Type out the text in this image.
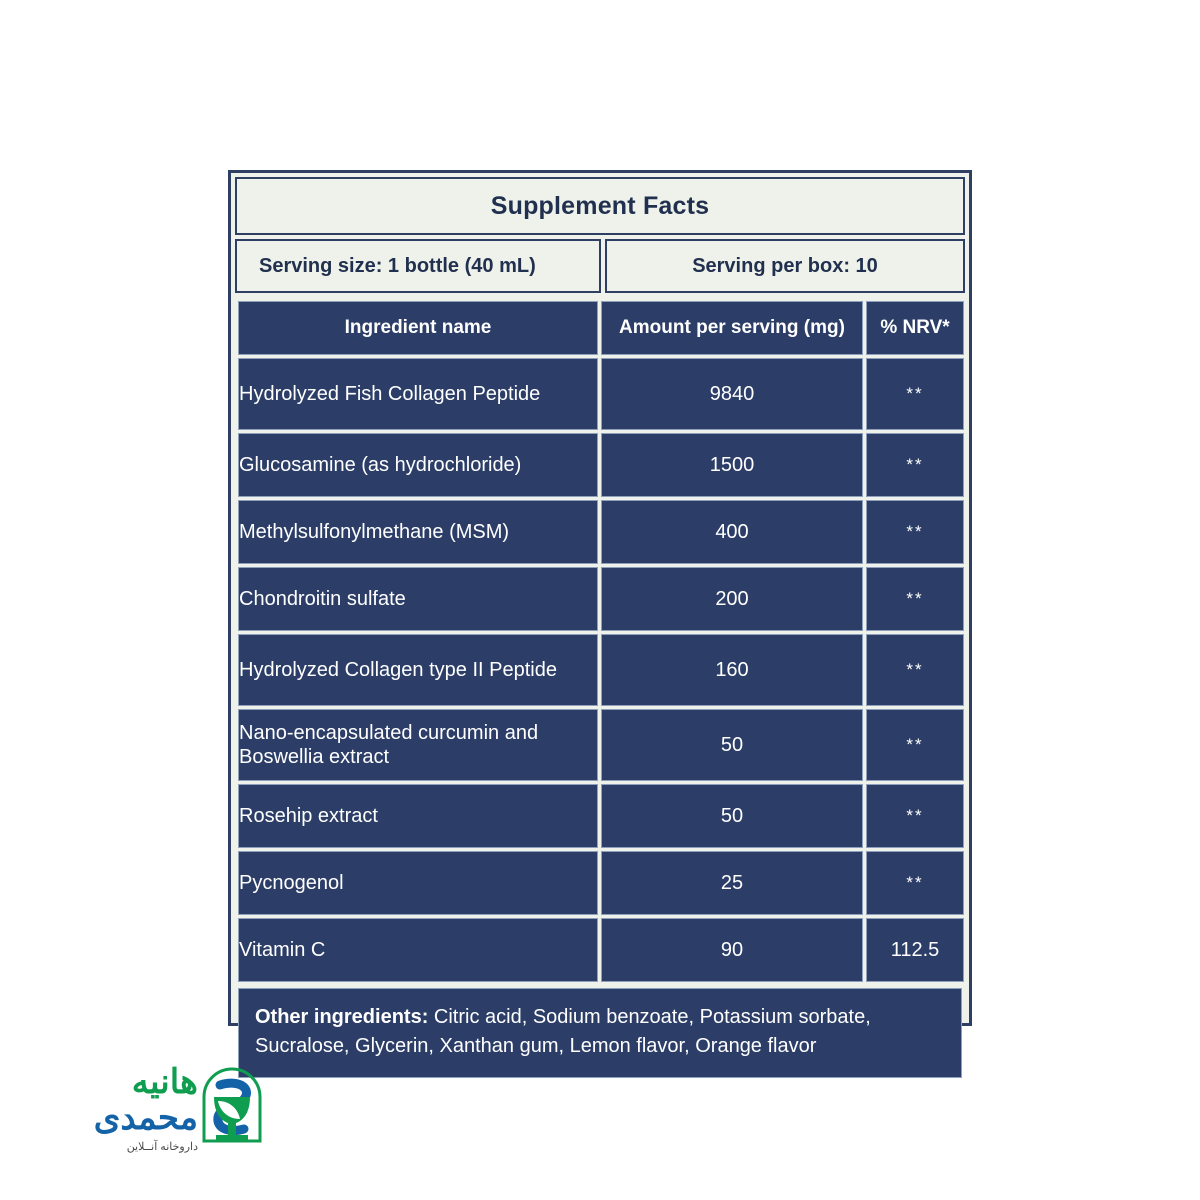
Supplement Facts
Serving size: 1 bottle (40 mL)	Serving per box: 10
Ingredient name	Amount per serving (mg)	% NRV*
Hydrolyzed Fish Collagen Peptide	9840	**
Glucosamine (as hydrochloride)	1500	**
Methylsulfonylmethane (MSM)	400	**
Chondroitin sulfate	200	**
Hydrolyzed Collagen type II Peptide	160	**
Nano-encapsulated curcumin and Boswellia extract	50	**
Rosehip extract	50	**
Pycnogenol	25	**
Vitamin C	90	112.5
Other ingredients: Citric acid, Sodium benzoate, Potassium sorbate, Sucralose, Glycerin, Xanthan gum, Lemon flavor, Orange flavor
هانیه
محمدی
داروخانه آنــلاین
